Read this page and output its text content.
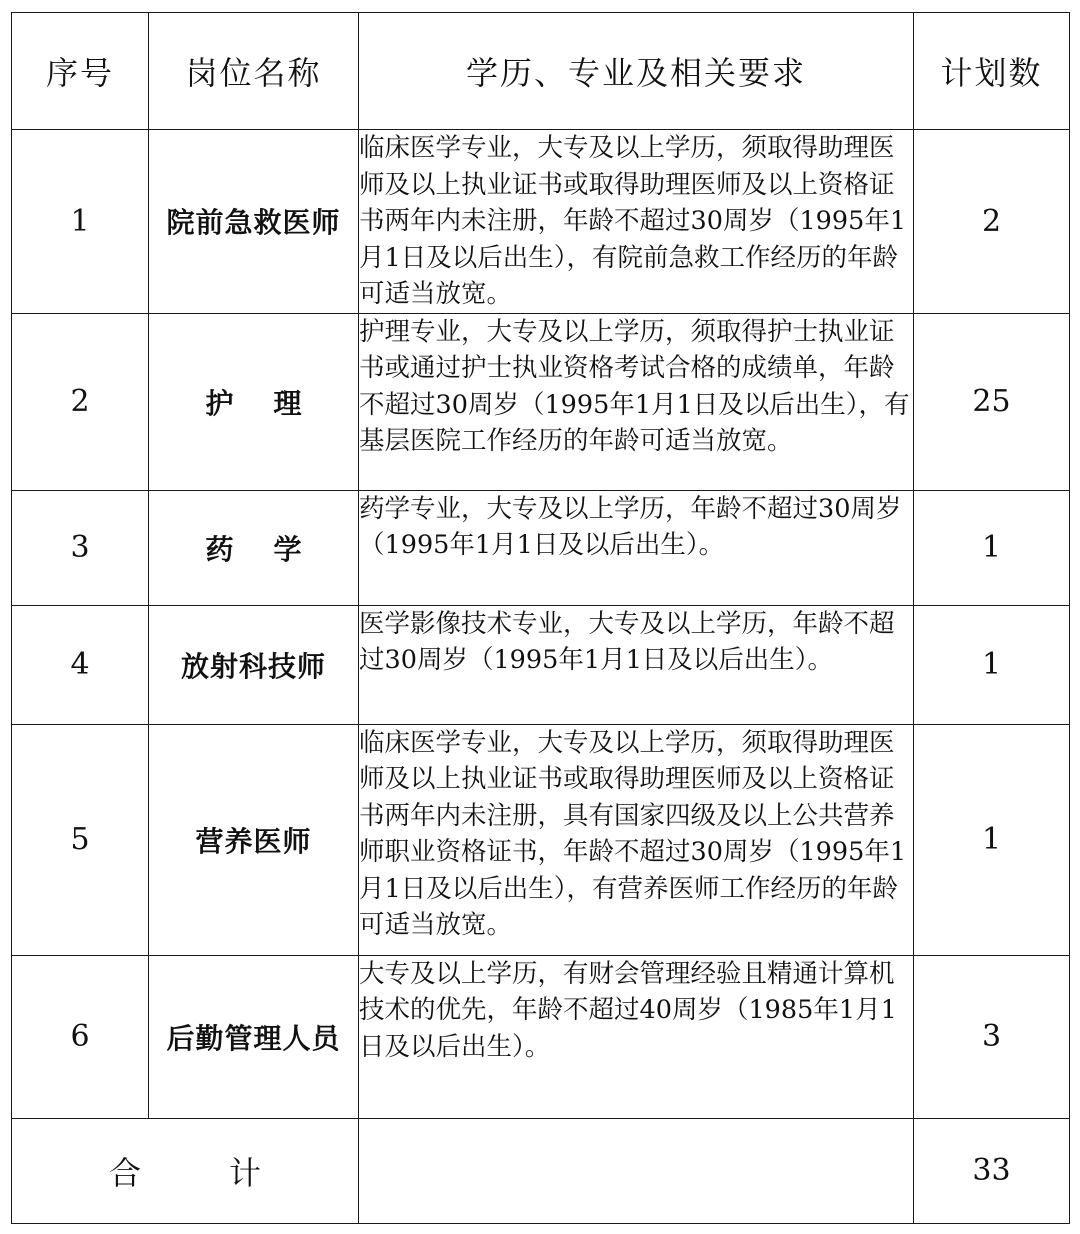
序号	岗位名称	学历、专业及相关要求	计划数
1	院前急救医师	临床医学专业，大专及以上学历，须取得助理医师及以上执业证书或取得助理医师及以上资格证书两年内未注册，年龄不超过30周岁（1995年1月1日及以后出生），有院前急救工作经历的年龄可适当放宽。	2
2	护理	护理专业，大专及以上学历，须取得护士执业证书或通过护士执业资格考试合格的成绩单，年龄不超过30周岁（1995年1月1日及以后出生），有基层医院工作经历的年龄可适当放宽。	25
3	药学	药学专业，大专及以上学历，年龄不超过30周岁（1995年1月1日及以后出生）。	1
4	放射科技师	医学影像技术专业，大专及以上学历，年龄不超过30周岁（1995年1月1日及以后出生）。	1
5	营养医师	临床医学专业，大专及以上学历，须取得助理医师及以上执业证书或取得助理医师及以上资格证书两年内未注册，具有国家四级及以上公共营养师职业资格证书，年龄不超过30周岁（1995年1月1日及以后出生），有营养医师工作经历的年龄可适当放宽。	1
6	后勤管理人员	大专及以上学历，有财会管理经验且精通计算机技术的优先，年龄不超过40周岁（1985年1月1日及以后出生）。	3
合计			33
